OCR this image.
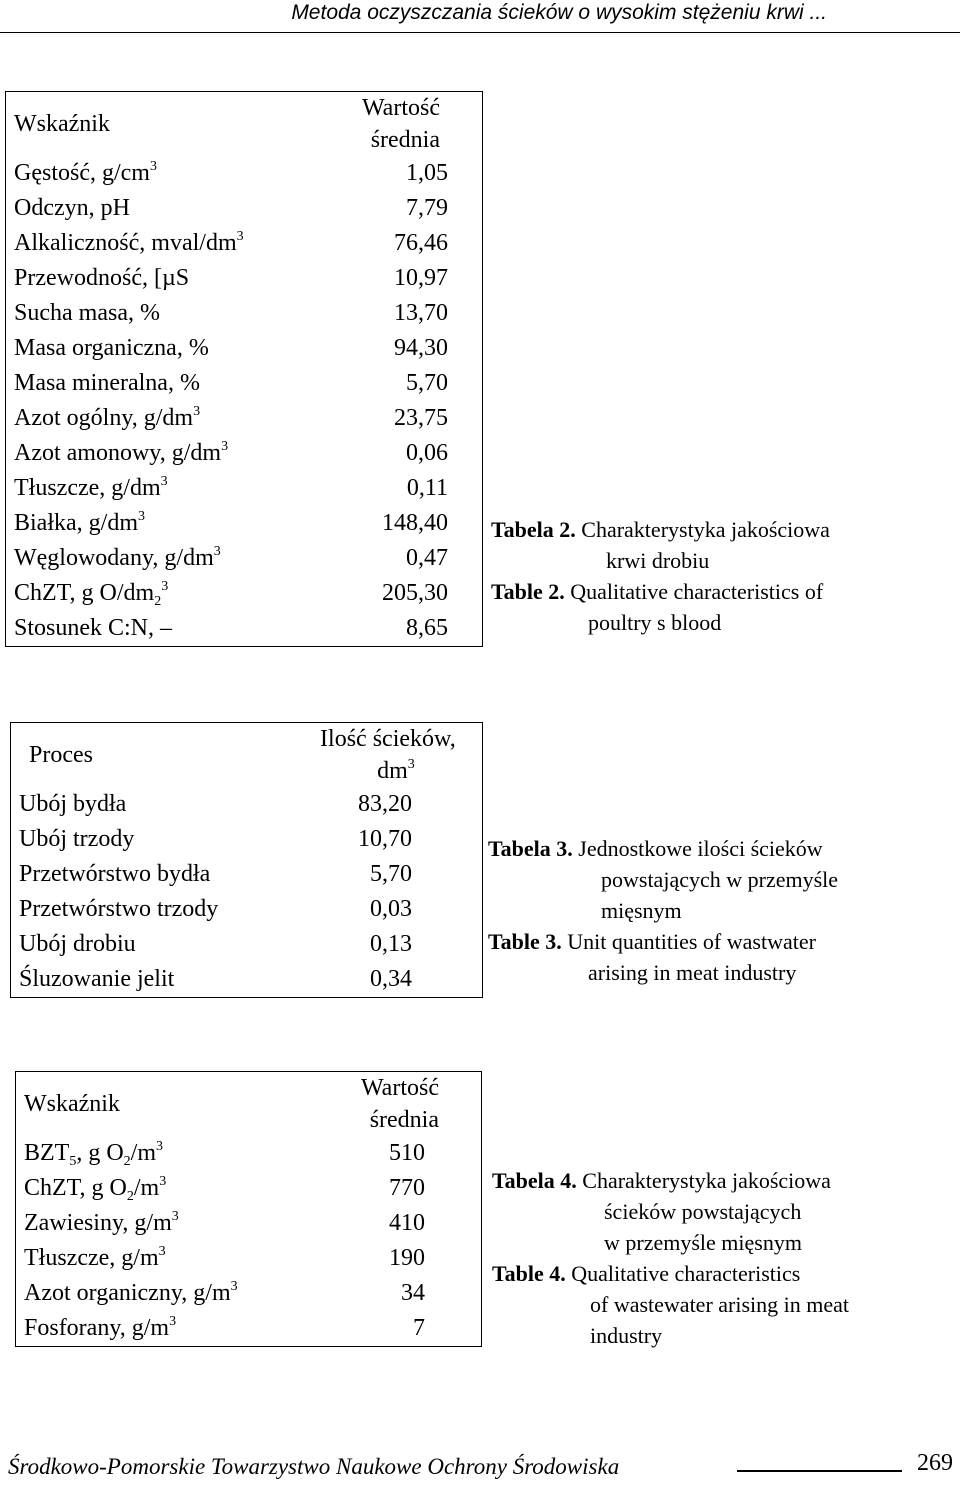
Metoda oczyszczania ścieków o wysokim stężeniu krwi ...
Wskaźnik	Wartość
średnia

Gęstość, $g/cm^3$	1,05
Odczyn, pH	7,79
Alkaliczność, mval/$dm^3$	76,46
Przewodność, [µS	10,97
Sucha masa, %	13,70
Masa organiczna, %	94,30
Masa mineralna, %	5,70
Azot ogólny, $g/dm^3$	23,75
Azot amonowy, $g/dm^3$	0,06
Tłuszcze, $g/dm^3$	0,11
Białka, $g/dm^3$	148,40
Węglowodany, $g/dm^3$	0,47
ChZT, g $O/dm_2^3$	205,30
Stosunek C:N, –	8,65
Tabela 2. Charakterystyka jakościowa
krwi drobiu
Table 2. Qualitative characteristics of
poultry s blood
Proces	Ilość ścieków,
$dm^3$

Ubój bydła	83,20
Ubój trzody	10,70
Przetwórstwo bydła	5,70
Przetwórstwo trzody	0,03
Ubój drobiu	0,13
Śluzowanie jelit	0,34
Tabela 3. Jednostkowe ilości ścieków
powstających w przemyśle
mięsnym
Table 3. Unit quantities of wastwater
arising in meat industry
Wskaźnik	Wartość
średnia

$BZT_5$, g $O_2/m^3$	510
ChZT, g $O_2/m^3$	770
Zawiesiny, $g/m^3$	410
Tłuszcze, $g/m^3$	190
Azot organiczny, $g/m^3$	34
Fosforany, $g/m^3$	7
Tabela 4. Charakterystyka jakościowa
ścieków powstających
w przemyśle mięsnym
Table 4. Qualitative characteristics
of wastewater arising in meat
industry
Środkowo-Pomorskie Towarzystwo Naukowe Ochrony Środowiska	269
